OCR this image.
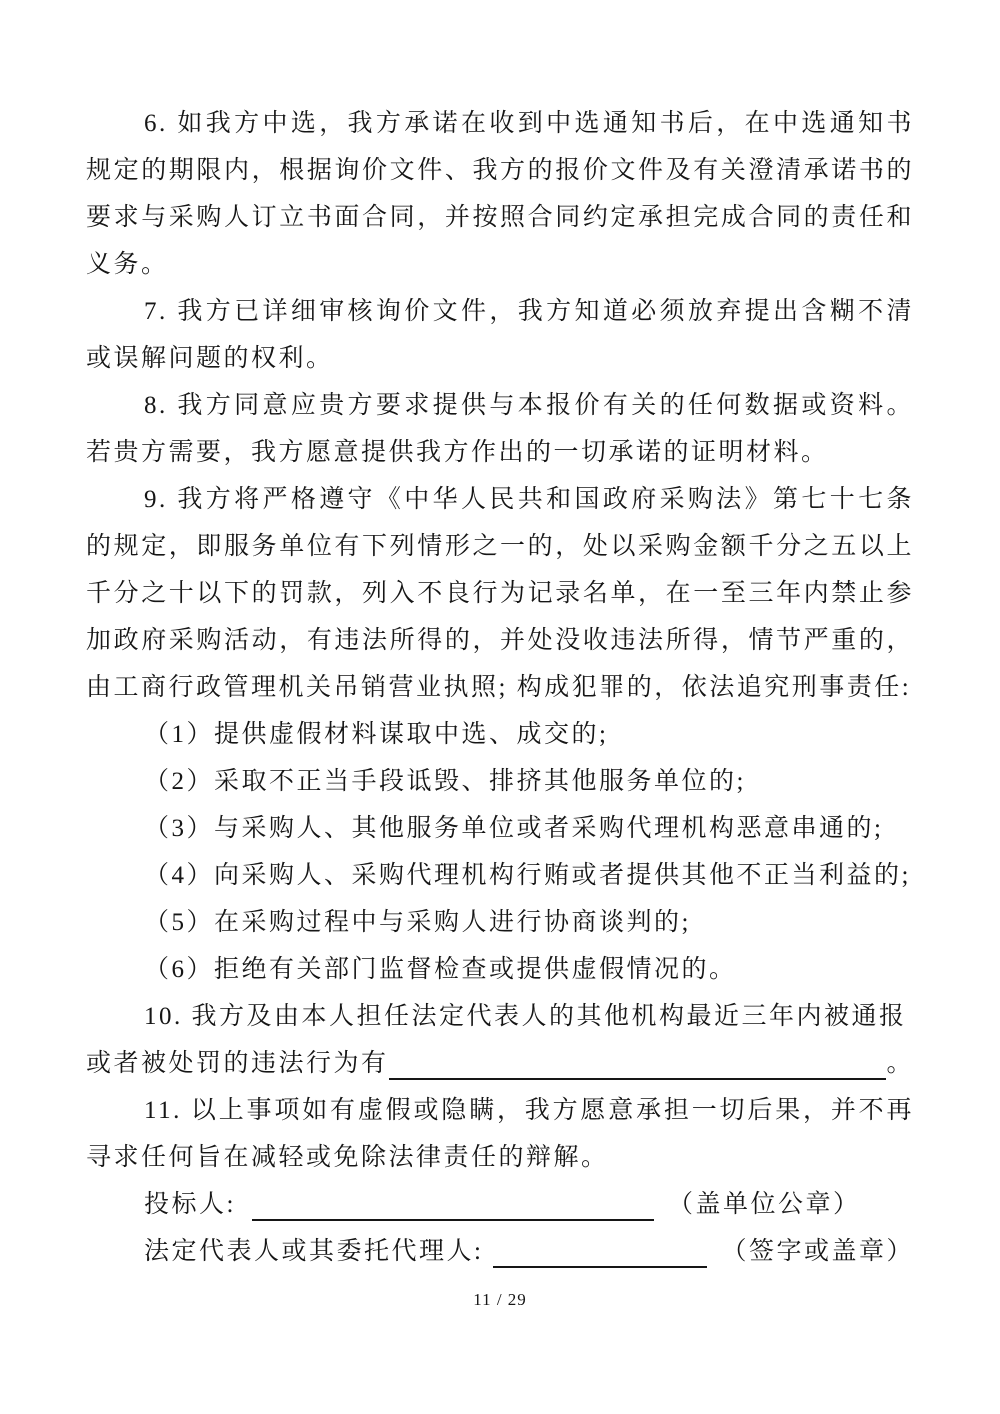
6. 如我方中选，我方承诺在收到中选通知书后，在中选通知书规定的期限内，根据询价文件、我方的报价文件及有关澄清承诺书的要求与采购人订立书面合同，并按照合同约定承担完成合同的责任和义务。

7. 我方已详细审核询价文件，我方知道必须放弃提出含糊不清或误解问题的权利。

8. 我方同意应贵方要求提供与本报价有关的任何数据或资料。若贵方需要，我方愿意提供我方作出的一切承诺的证明材料。

9. 我方将严格遵守《中华人民共和国政府采购法》第七十七条的规定，即服务单位有下列情形之一的，处以采购金额千分之五以上千分之十以下的罚款，列入不良行为记录名单，在一至三年内禁止参加政府采购活动，有违法所得的，并处没收违法所得，情节严重的，由工商行政管理机关吊销营业执照; 构成犯罪的，依法追究刑事责任:

（1）提供虚假材料谋取中选、成交的;

（2）采取不正当手段诋毁、排挤其他服务单位的;

（3）与采购人、其他服务单位或者采购代理机构恶意串通的;

（4）向采购人、采购代理机构行贿或者提供其他不正当利益的;

（5）在采购过程中与采购人进行协商谈判的;

（6）拒绝有关部门监督检查或提供虚假情况的。

10. 我方及由本人担任法定代表人的其他机构最近三年内被通报

或者被处罚的违法行为有	。

11. 以上事项如有虚假或隐瞒，我方愿意承担一切后果，并不再寻求任何旨在减轻或免除法律责任的辩解。

投标人:	（盖单位公章）
法定代表人或其委托代理人:	（签字或盖章）
11 / 29
